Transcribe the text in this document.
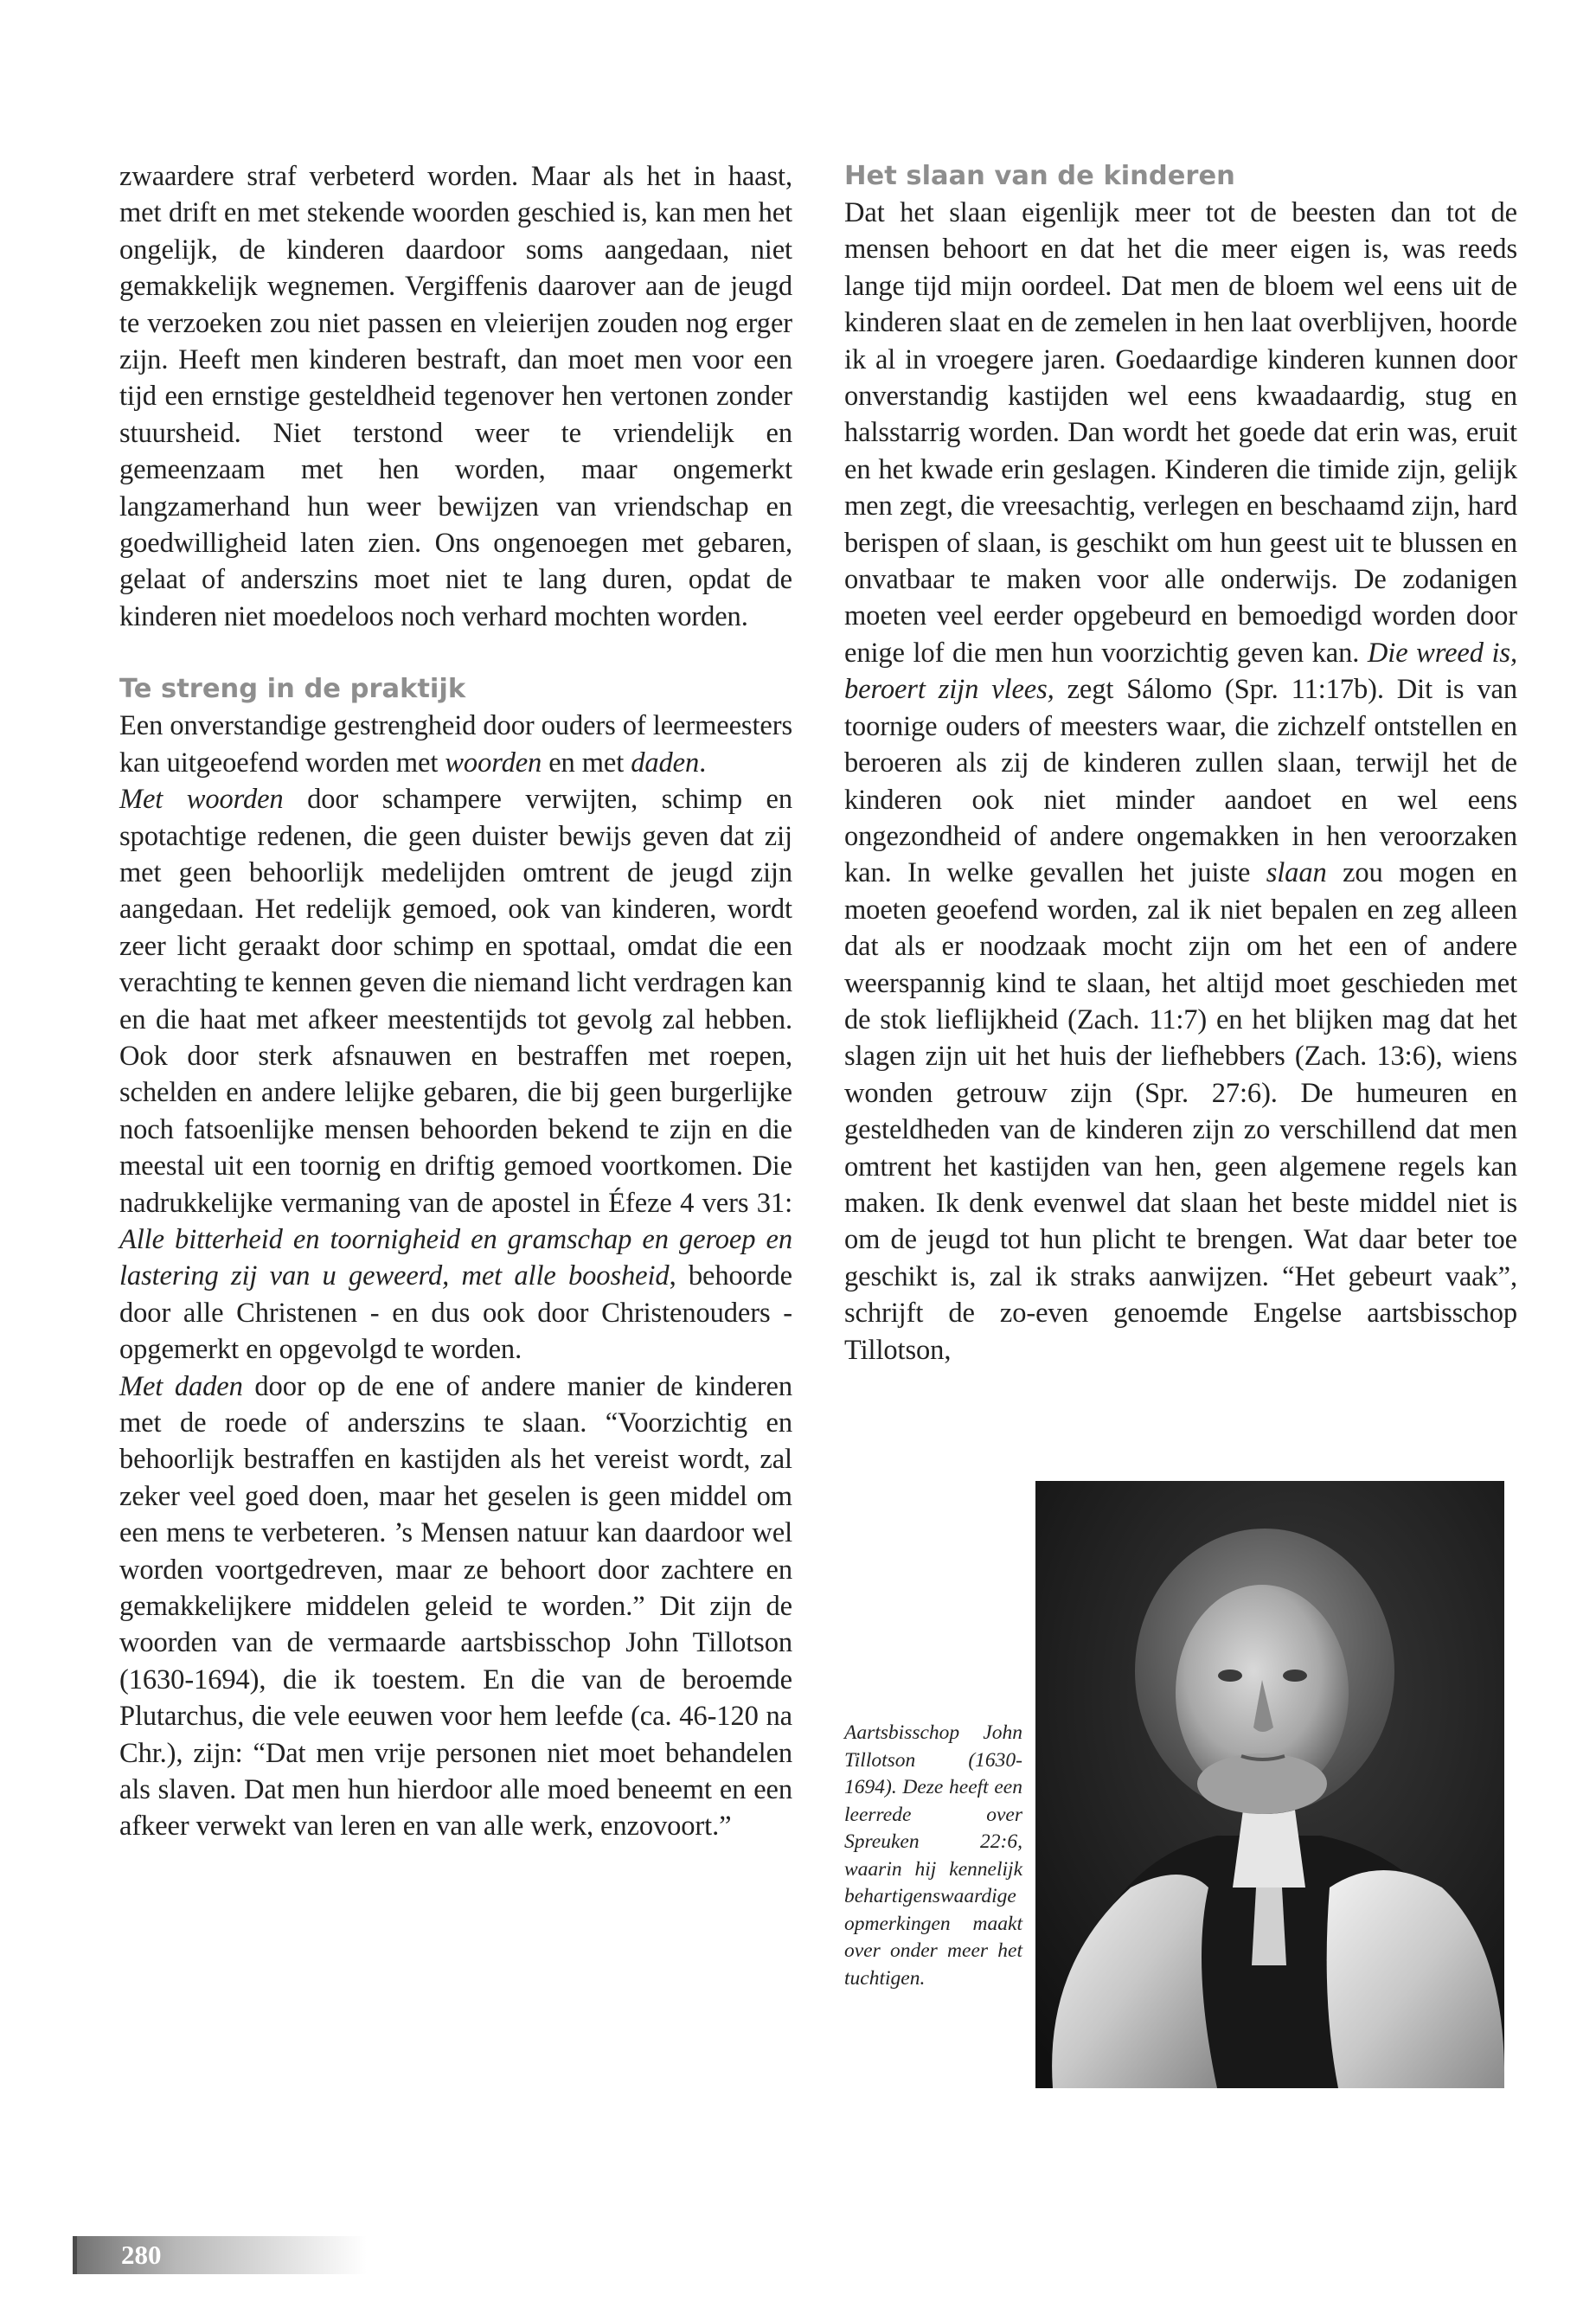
zwaardere straf verbeterd worden. Maar als het in haast, met drift en met stekende woorden geschied is, kan men het ongelijk, de kinderen daardoor soms aangedaan, niet gemakkelijk wegnemen. Vergiffenis daarover aan de jeugd te verzoeken zou niet passen en vleierijen zouden nog erger zijn. Heeft men kinderen bestraft, dan moet men voor een tijd een ernstige gesteldheid tegenover hen vertonen zonder stuursheid. Niet terstond weer te vriendelijk en gemeenzaam met hen worden, maar ongemerkt langzamerhand hun weer bewijzen van vriendschap en goedwilligheid laten zien. Ons ongenoegen met gebaren, gelaat of anderszins moet niet te lang duren, opdat de kinderen niet moedeloos noch verhard mochten worden.

Te streng in de praktijk

Een onverstandige gestrengheid door ouders of leermeesters kan uitgeoefend worden met woorden en met daden.

Met woorden door schampere verwijten, schimp en spotachtige redenen, die geen duister bewijs geven dat zij met geen behoorlijk medelijden omtrent de jeugd zijn aangedaan. Het redelijk gemoed, ook van kinderen, wordt zeer licht geraakt door schimp en spottaal, omdat die een verachting te kennen geven die niemand licht verdragen kan en die haat met afkeer meestentijds tot gevolg zal hebben. Ook door sterk afsnauwen en bestraffen met roepen, schelden en andere lelijke gebaren, die bij geen burgerlijke noch fatsoenlijke mensen behoorden bekend te zijn en die meestal uit een toornig en driftig gemoed voortkomen. Die nadrukkelijke vermaning van de apostel in Éfeze 4 vers 31: Alle bitterheid en toornigheid en gramschap en geroep en lastering zij van u geweerd, met alle boosheid, behoorde door alle Christenen - en dus ook door Christenouders - opgemerkt en opgevolgd te worden.

Met daden door op de ene of andere manier de kinderen met de roede of anderszins te slaan. “Voorzichtig en behoorlijk bestraffen en kastijden als het vereist wordt, zal zeker veel goed doen, maar het geselen is geen middel om een mens te verbeteren. ’s Mensen natuur kan daardoor wel worden voortgedreven, maar ze behoort door zachtere en gemakkelijkere middelen geleid te worden.” Dit zijn de woorden van de vermaarde aartsbisschop John Tillotson (1630-1694), die ik toestem. En die van de beroemde Plutarchus, die vele eeuwen voor hem leefde (ca. 46-120 na Chr.), zijn: “Dat men vrije personen niet moet behandelen als slaven. Dat men hun hierdoor alle moed beneemt en een afkeer verwekt van leren en van alle werk, enzovoort.”

Het slaan van de kinderen

Dat het slaan eigenlijk meer tot de beesten dan tot de mensen behoort en dat het die meer eigen is, was reeds lange tijd mijn oordeel. Dat men de bloem wel eens uit de kinderen slaat en de zemelen in hen laat overblijven, hoorde ik al in vroegere jaren. Goedaardige kinderen kunnen door onverstandig kastijden wel eens kwaadaardig, stug en halsstarrig worden. Dan wordt het goede dat erin was, eruit en het kwade erin geslagen. Kinderen die timide zijn, gelijk men zegt, die vreesachtig, verlegen en beschaamd zijn, hard berispen of slaan, is geschikt om hun geest uit te blussen en onvatbaar te maken voor alle onderwijs. De zodanigen moeten veel eerder opgebeurd en bemoedigd worden door enige lof die men hun voorzichtig geven kan. Die wreed is, beroert zijn vlees, zegt Sálomo (Spr. 11:17b). Dit is van toornige ouders of meesters waar, die zichzelf ontstellen en beroeren als zij de kinderen zullen slaan, terwijl het de kinderen ook niet minder aandoet en wel eens ongezondheid of andere ongemakken in hen veroorzaken kan. In welke gevallen het juiste slaan zou mogen en moeten geoefend worden, zal ik niet bepalen en zeg alleen dat als er noodzaak mocht zijn om het een of andere weerspannig kind te slaan, het altijd moet geschieden met de stok lieflijkheid (Zach. 11:7) en het blijken mag dat het slagen zijn uit het huis der liefhebbers (Zach. 13:6), wiens wonden getrouw zijn (Spr. 27:6). De humeuren en gesteldheden van de kinderen zijn zo verschillend dat men omtrent het kastijden van hen, geen algemene regels kan maken. Ik denk evenwel dat slaan het beste middel niet is om de jeugd tot hun plicht te brengen. Wat daar beter toe geschikt is, zal ik straks aanwijzen. “Het gebeurt vaak”, schrijft de zo-even genoemde Engelse aartsbisschop Tillotson,

Aartsbisschop John Tillotson (1630-1694). Deze heeft een leerrede over Spreuken 22:6, waarin hij kennelijk behartigenswaardige opmerkingen maakt over onder meer het tuchtigen.

280
